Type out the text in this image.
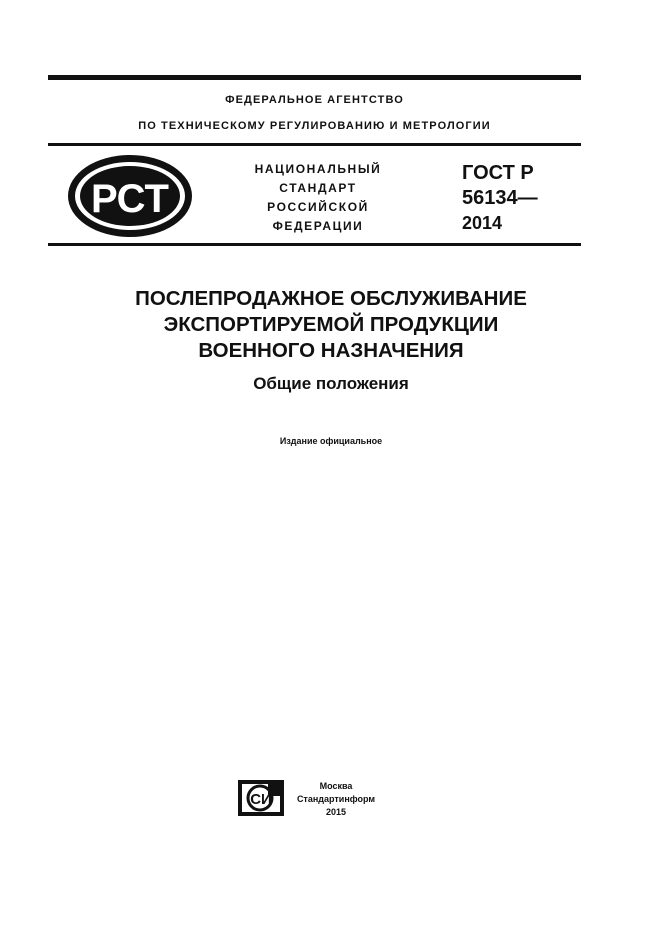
ФЕДЕРАЛЬНОЕ АГЕНТСТВО
ПО ТЕХНИЧЕСКОМУ РЕГУЛИРОВАНИЮ И МЕТРОЛОГИИ
РСТ
НАЦИОНАЛЬНЫЙ
СТАНДАРТ
РОССИЙСКОЙ
ФЕДЕРАЦИИ
ГОСТ Р
56134—
2014
ПОСЛЕПРОДАЖНОЕ ОБСЛУЖИВАНИЕ
ЭКСПОРТИРУЕМОЙ ПРОДУКЦИИ
ВОЕННОГО НАЗНАЧЕНИЯ
Общие положения
Издание официальное
СИ
Москва
Стандартинформ
2015
